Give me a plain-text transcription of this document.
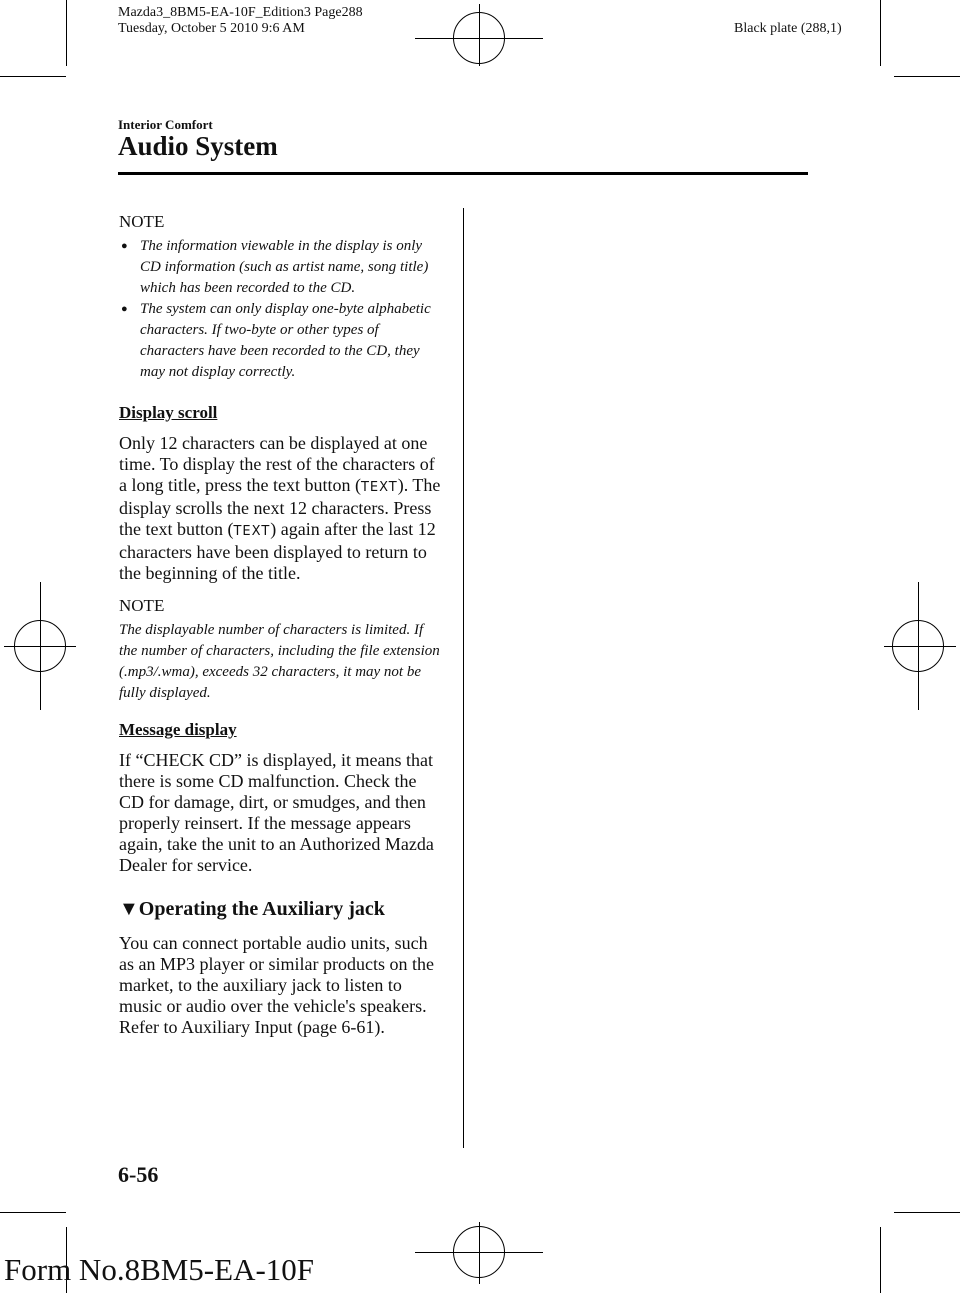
Mazda3_8BM5-EA-10F_Edition3 Page288
Tuesday, October 5 2010 9:6 AM	Black plate (288,1)
Interior Comfort
Audio System
NOTE

● The information viewable in the display is only CD information (such as artist name, song title) which has been recorded to the CD.

● The system can only display one-byte alphabetic characters. If two-byte or other types of characters have been recorded to the CD, they may not display correctly.

Display scroll

Only 12 characters can be displayed at one time. To display the rest of the characters of a long title, press the text button (TEXT). The display scrolls the next 12 characters. Press the text button (TEXT) again after the last 12 characters have been displayed to return to the beginning of the title.

NOTE

The displayable number of characters is limited. If the number of characters, including the file extension (.mp3/.wma), exceeds 32 characters, it may not be fully displayed.

Message display

If “CHECK CD” is displayed, it means that there is some CD malfunction. Check the CD for damage, dirt, or smudges, and then properly reinsert. If the message appears again, take the unit to an Authorized Mazda Dealer for service.

▼Operating the Auxiliary jack

You can connect portable audio units, such as an MP3 player or similar products on the market, to the auxiliary jack to listen to music or audio over the vehicle's speakers. Refer to Auxiliary Input (page 6-61).

6-56
Form No.8BM5-EA-10F
